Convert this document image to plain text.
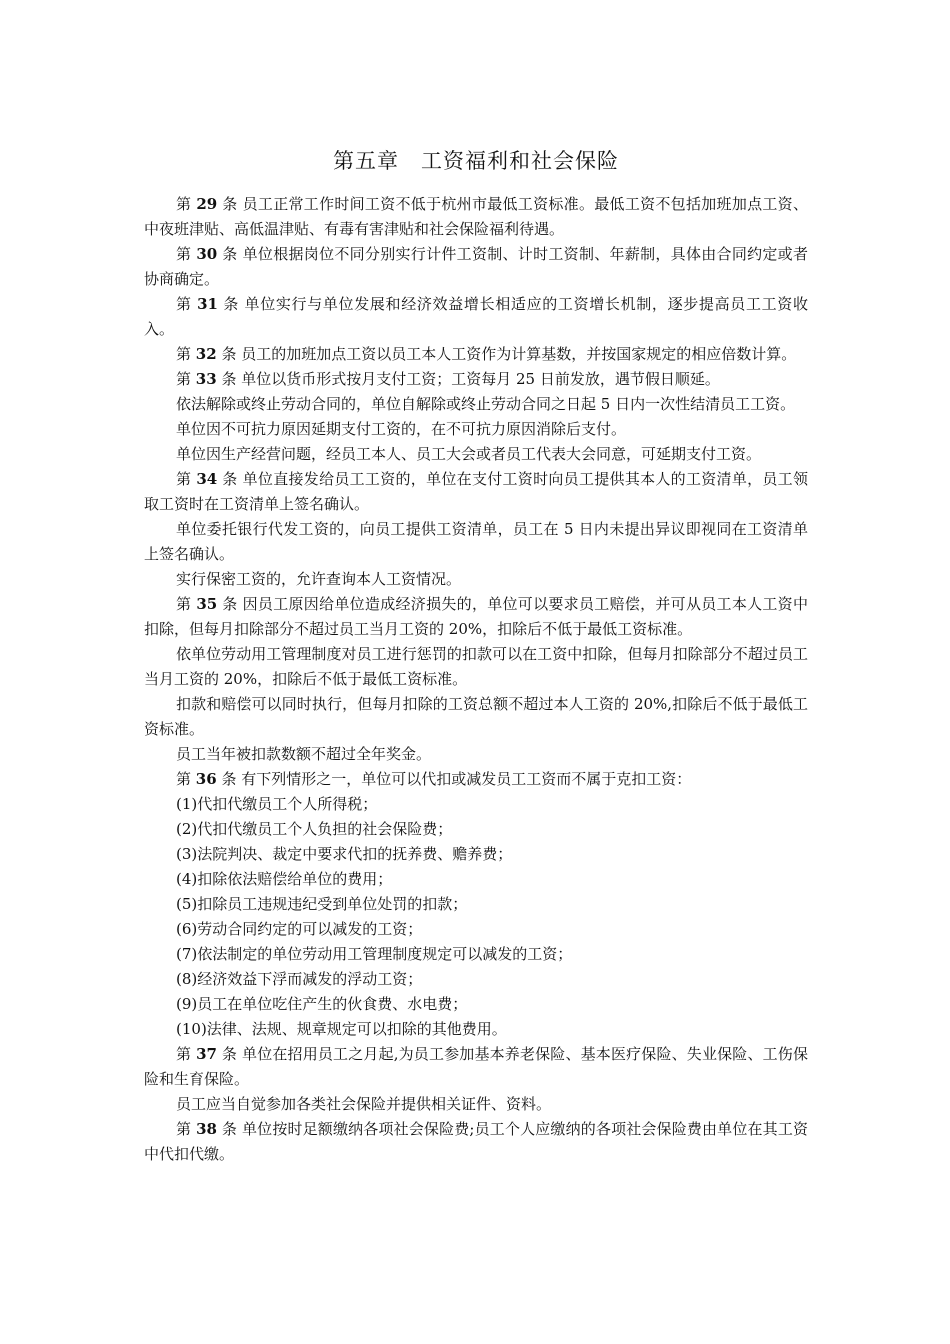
第五章 工资福利和社会保险

第 29 条 员工正常工作时间工资不低于杭州市最低工资标准。最低工资不包括加班加点工资、中夜班津贴、高低温津贴、有毒有害津贴和社会保险福利待遇。

第 30 条 单位根据岗位不同分别实行计件工资制、计时工资制、年薪制，具体由合同约定或者协商确定。

第 31 条 单位实行与单位发展和经济效益增长相适应的工资增长机制，逐步提高员工工资收入。

第 32 条 员工的加班加点工资以员工本人工资作为计算基数，并按国家规定的相应倍数计算。

第 33 条 单位以货币形式按月支付工资；工资每月 25 日前发放，遇节假日顺延。

依法解除或终止劳动合同的，单位自解除或终止劳动合同之日起 5 日内一次性结清员工工资。

单位因不可抗力原因延期支付工资的，在不可抗力原因消除后支付。

单位因生产经营问题，经员工本人、员工大会或者员工代表大会同意，可延期支付工资。

第 34 条 单位直接发给员工工资的，单位在支付工资时向员工提供其本人的工资清单，员工领取工资时在工资清单上签名确认。

单位委托银行代发工资的，向员工提供工资清单，员工在 5 日内未提出异议即视同在工资清单上签名确认。

实行保密工资的，允许查询本人工资情况。

第 35 条 因员工原因给单位造成经济损失的，单位可以要求员工赔偿，并可从员工本人工资中扣除，但每月扣除部分不超过员工当月工资的 20%，扣除后不低于最低工资标准。

依单位劳动用工管理制度对员工进行惩罚的扣款可以在工资中扣除，但每月扣除部分不超过员工当月工资的 20%，扣除后不低于最低工资标准。

扣款和赔偿可以同时执行，但每月扣除的工资总额不超过本人工资的 20%,扣除后不低于最低工资标准。

员工当年被扣款数额不超过全年奖金。

第 36 条 有下列情形之一，单位可以代扣或减发员工工资而不属于克扣工资：

(1)代扣代缴员工个人所得税；

(2)代扣代缴员工个人负担的社会保险费；

(3)法院判决、裁定中要求代扣的抚养费、赡养费；

(4)扣除依法赔偿给单位的费用；

(5)扣除员工违规违纪受到单位处罚的扣款；

(6)劳动合同约定的可以减发的工资；

(7)依法制定的单位劳动用工管理制度规定可以减发的工资；

(8)经济效益下浮而减发的浮动工资；

(9)员工在单位吃住产生的伙食费、水电费；

(10)法律、法规、规章规定可以扣除的其他费用。

第 37 条 单位在招用员工之月起,为员工参加基本养老保险、基本医疗保险、失业保险、工伤保险和生育保险。

员工应当自觉参加各类社会保险并提供相关证件、资料。

第 38 条 单位按时足额缴纳各项社会保险费;员工个人应缴纳的各项社会保险费由单位在其工资中代扣代缴。
